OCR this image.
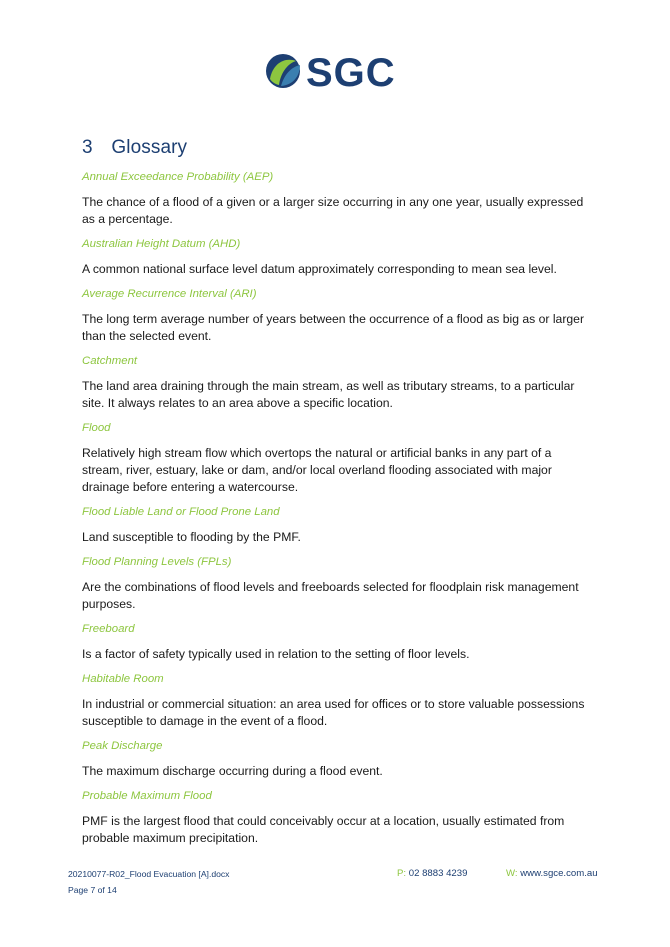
SGC
3 Glossary

Annual Exceedance Probability (AEP)

The chance of a flood of a given or a larger size occurring in any one year, usually expressed as a percentage.

Australian Height Datum (AHD)

A common national surface level datum approximately corresponding to mean sea level.

Average Recurrence Interval (ARI)

The long term average number of years between the occurrence of a flood as big as or larger than the selected event.

Catchment

The land area draining through the main stream, as well as tributary streams, to a particular site. It always relates to an area above a specific location.

Flood

Relatively high stream flow which overtops the natural or artificial banks in any part of a stream, river, estuary, lake or dam, and/or local overland flooding associated with major drainage before entering a watercourse.

Flood Liable Land or Flood Prone Land

Land susceptible to flooding by the PMF.

Flood Planning Levels (FPLs)

Are the combinations of flood levels and freeboards selected for floodplain risk management purposes.

Freeboard

Is a factor of safety typically used in relation to the setting of floor levels.

Habitable Room

In industrial or commercial situation: an area used for offices or to store valuable possessions susceptible to damage in the event of a flood.

Peak Discharge

The maximum discharge occurring during a flood event.

Probable Maximum Flood

PMF is the largest flood that could conceivably occur at a location, usually estimated from probable maximum precipitation.

20210077-R02_Flood Evacuation [A].docx
Page 7 of 14
P: 02 8883 4239	W: www.sgce.com.au
